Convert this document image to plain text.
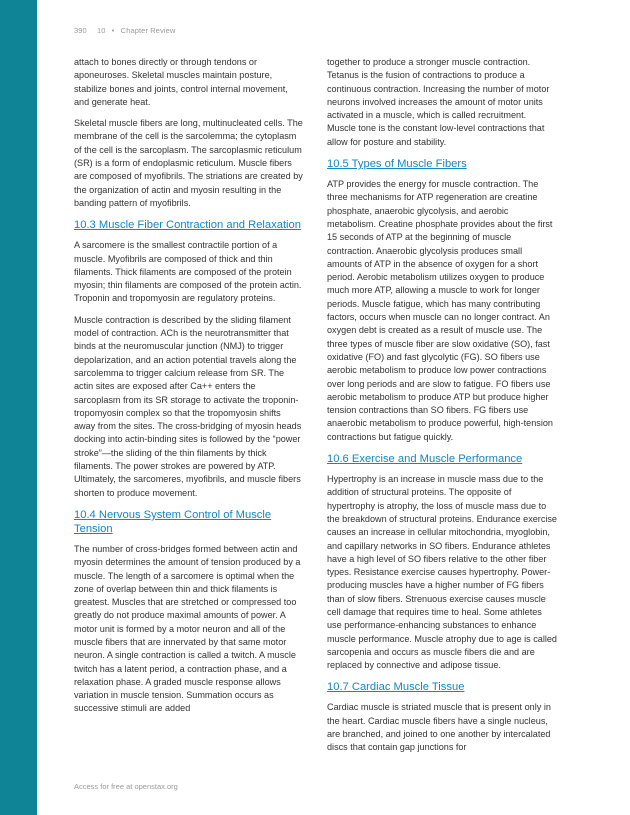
390 10 • Chapter Review

attach to bones directly or through tendons or aponeuroses. Skeletal muscles maintain posture, stabilize bones and joints, control internal movement, and generate heat.

Skeletal muscle fibers are long, multinucleated cells. The membrane of the cell is the sarcolemma; the cytoplasm of the cell is the sarcoplasm. The sarcoplasmic reticulum (SR) is a form of endoplasmic reticulum. Muscle fibers are composed of myofibrils. The striations are created by the organization of actin and myosin resulting in the banding pattern of myofibrils.

10.3 Muscle Fiber Contraction and Relaxation

A sarcomere is the smallest contractile portion of a muscle. Myofibrils are composed of thick and thin filaments. Thick filaments are composed of the protein myosin; thin filaments are composed of the protein actin. Troponin and tropomyosin are regulatory proteins.

Muscle contraction is described by the sliding filament model of contraction. ACh is the neurotransmitter that binds at the neuromuscular junction (NMJ) to trigger depolarization, and an action potential travels along the sarcolemma to trigger calcium release from SR. The actin sites are exposed after Ca++ enters the sarcoplasm from its SR storage to activate the troponin-tropomyosin complex so that the tropomyosin shifts away from the sites. The cross-bridging of myosin heads docking into actin-binding sites is followed by the “power stroke”—the sliding of the thin filaments by thick filaments. The power strokes are powered by ATP. Ultimately, the sarcomeres, myofibrils, and muscle fibers shorten to produce movement.

10.4 Nervous System Control of Muscle Tension

The number of cross-bridges formed between actin and myosin determines the amount of tension produced by a muscle. The length of a sarcomere is optimal when the zone of overlap between thin and thick filaments is greatest. Muscles that are stretched or compressed too greatly do not produce maximal amounts of power. A motor unit is formed by a motor neuron and all of the muscle fibers that are innervated by that same motor neuron. A single contraction is called a twitch. A muscle twitch has a latent period, a contraction phase, and a relaxation phase. A graded muscle response allows variation in muscle tension. Summation occurs as successive stimuli are added

together to produce a stronger muscle contraction. Tetanus is the fusion of contractions to produce a continuous contraction. Increasing the number of motor neurons involved increases the amount of motor units activated in a muscle, which is called recruitment. Muscle tone is the constant low-level contractions that allow for posture and stability.

10.5 Types of Muscle Fibers

ATP provides the energy for muscle contraction. The three mechanisms for ATP regeneration are creatine phosphate, anaerobic glycolysis, and aerobic metabolism. Creatine phosphate provides about the first 15 seconds of ATP at the beginning of muscle contraction. Anaerobic glycolysis produces small amounts of ATP in the absence of oxygen for a short period. Aerobic metabolism utilizes oxygen to produce much more ATP, allowing a muscle to work for longer periods. Muscle fatigue, which has many contributing factors, occurs when muscle can no longer contract. An oxygen debt is created as a result of muscle use. The three types of muscle fiber are slow oxidative (SO), fast oxidative (FO) and fast glycolytic (FG). SO fibers use aerobic metabolism to produce low power contractions over long periods and are slow to fatigue. FO fibers use aerobic metabolism to produce ATP but produce higher tension contractions than SO fibers. FG fibers use anaerobic metabolism to produce powerful, high-tension contractions but fatigue quickly.

10.6 Exercise and Muscle Performance

Hypertrophy is an increase in muscle mass due to the addition of structural proteins. The opposite of hypertrophy is atrophy, the loss of muscle mass due to the breakdown of structural proteins. Endurance exercise causes an increase in cellular mitochondria, myoglobin, and capillary networks in SO fibers. Endurance athletes have a high level of SO fibers relative to the other fiber types. Resistance exercise causes hypertrophy. Power-producing muscles have a higher number of FG fibers than of slow fibers. Strenuous exercise causes muscle cell damage that requires time to heal. Some athletes use performance-enhancing substances to enhance muscle performance. Muscle atrophy due to age is called sarcopenia and occurs as muscle fibers die and are replaced by connective and adipose tissue.

10.7 Cardiac Muscle Tissue

Cardiac muscle is striated muscle that is present only in the heart. Cardiac muscle fibers have a single nucleus, are branched, and joined to one another by intercalated discs that contain gap junctions for

Access for free at openstax.org
